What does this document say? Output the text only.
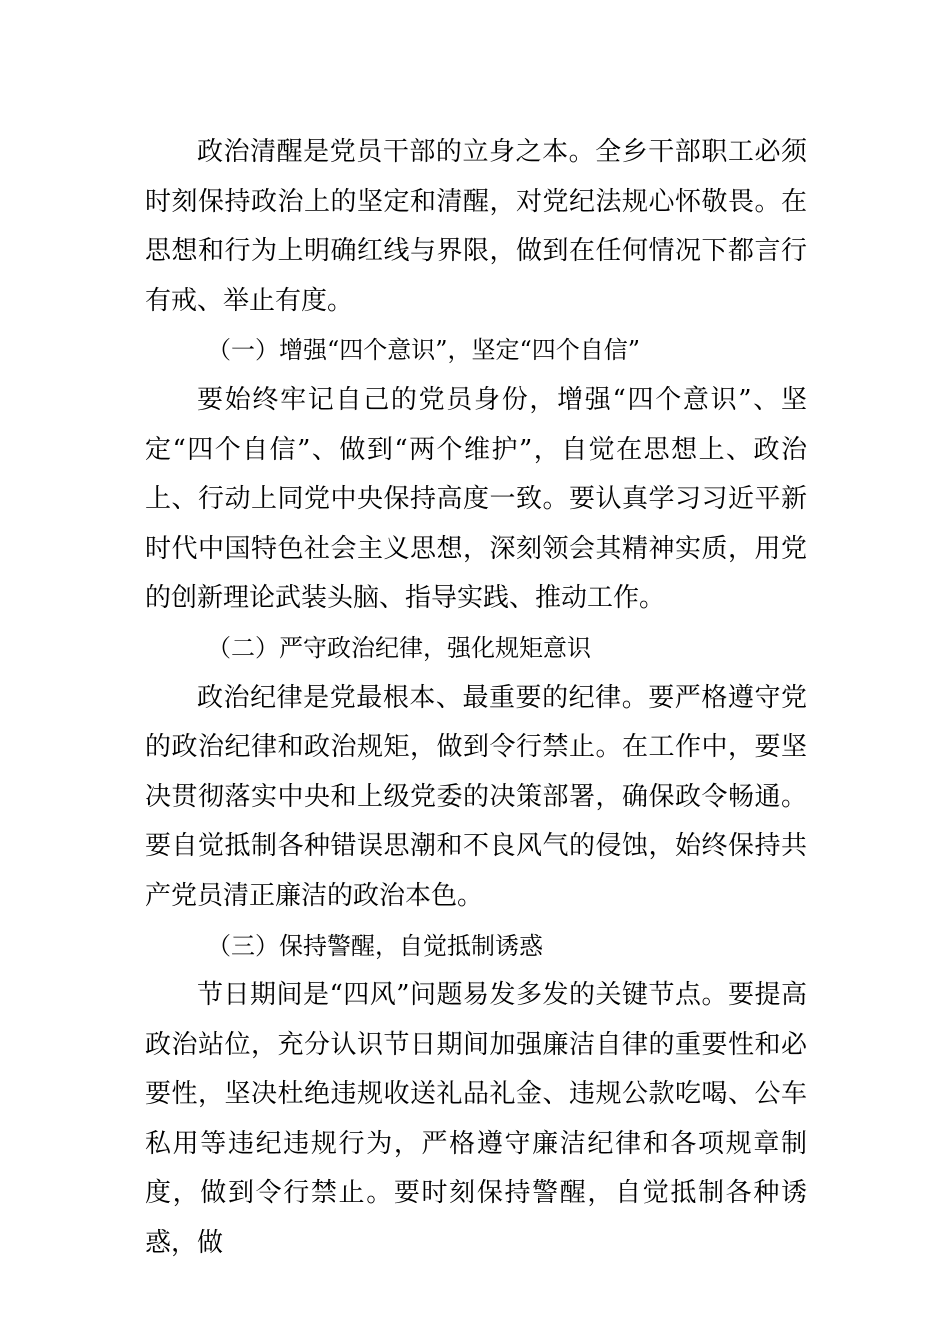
政治清醒是党员干部的立身之本。全乡干部职工必须时刻保持政治上的坚定和清醒，对党纪法规心怀敬畏。在思想和行为上明确红线与界限，做到在任何情况下都言行有戒、举止有度。

（一）增强“四个意识”，坚定“四个自信”

要始终牢记自己的党员身份，增强“四个意识”、坚定“四个自信”、做到“两个维护”，自觉在思想上、政治上、行动上同党中央保持高度一致。要认真学习习近平新时代中国特色社会主义思想，深刻领会其精神实质，用党的创新理论武装头脑、指导实践、推动工作。

（二）严守政治纪律，强化规矩意识

政治纪律是党最根本、最重要的纪律。要严格遵守党的政治纪律和政治规矩，做到令行禁止。在工作中，要坚决贯彻落实中央和上级党委的决策部署，确保政令畅通。要自觉抵制各种错误思潮和不良风气的侵蚀，始终保持共产党员清正廉洁的政治本色。

（三）保持警醒，自觉抵制诱惑

节日期间是“四风”问题易发多发的关键节点。要提高政治站位，充分认识节日期间加强廉洁自律的重要性和必要性，坚决杜绝违规收送礼品礼金、违规公款吃喝、公车私用等违纪违规行为，严格遵守廉洁纪律和各项规章制度，做到令行禁止。要时刻保持警醒，自觉抵制各种诱惑，做
